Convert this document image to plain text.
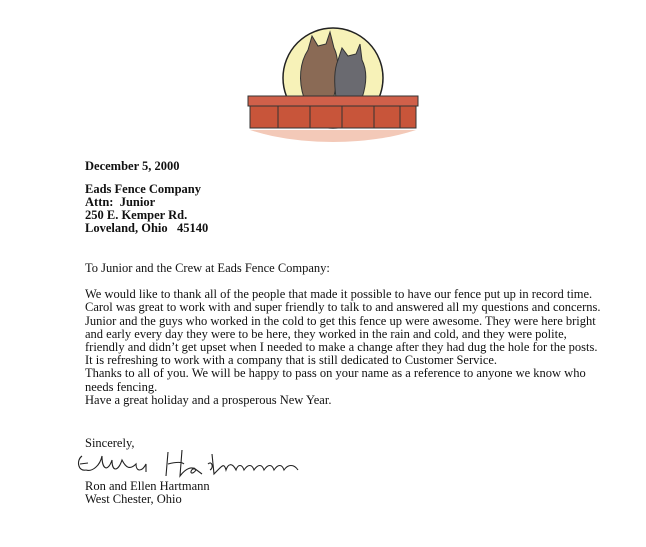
December 5, 2000
Eads Fence Company
Attn:  Junior
250 E. Kemper Rd.
Loveland, Ohio   45140

To Junior and the Crew at Eads Fence Company:

We would like to thank all of the people that made it possible to have our fence put up in record time. Carol was great to work with and super friendly to talk to and answered all my questions and concerns.

Junior and the guys who worked in the cold to get this fence up were awesome. They were here bright and early every day they were to be here, they worked in the rain and cold, and they were polite, friendly and didn’t get upset when I needed to make a change after they had dug the hole for the posts.

It is refreshing to work with a company that is still dedicated to Customer Service.

Thanks to all of you. We will be happy to pass on your name as a reference to anyone we know who needs fencing.

Have a great holiday and a prosperous New Year.

Sincerely,
Ron and Ellen Hartmann
West Chester, Ohio
